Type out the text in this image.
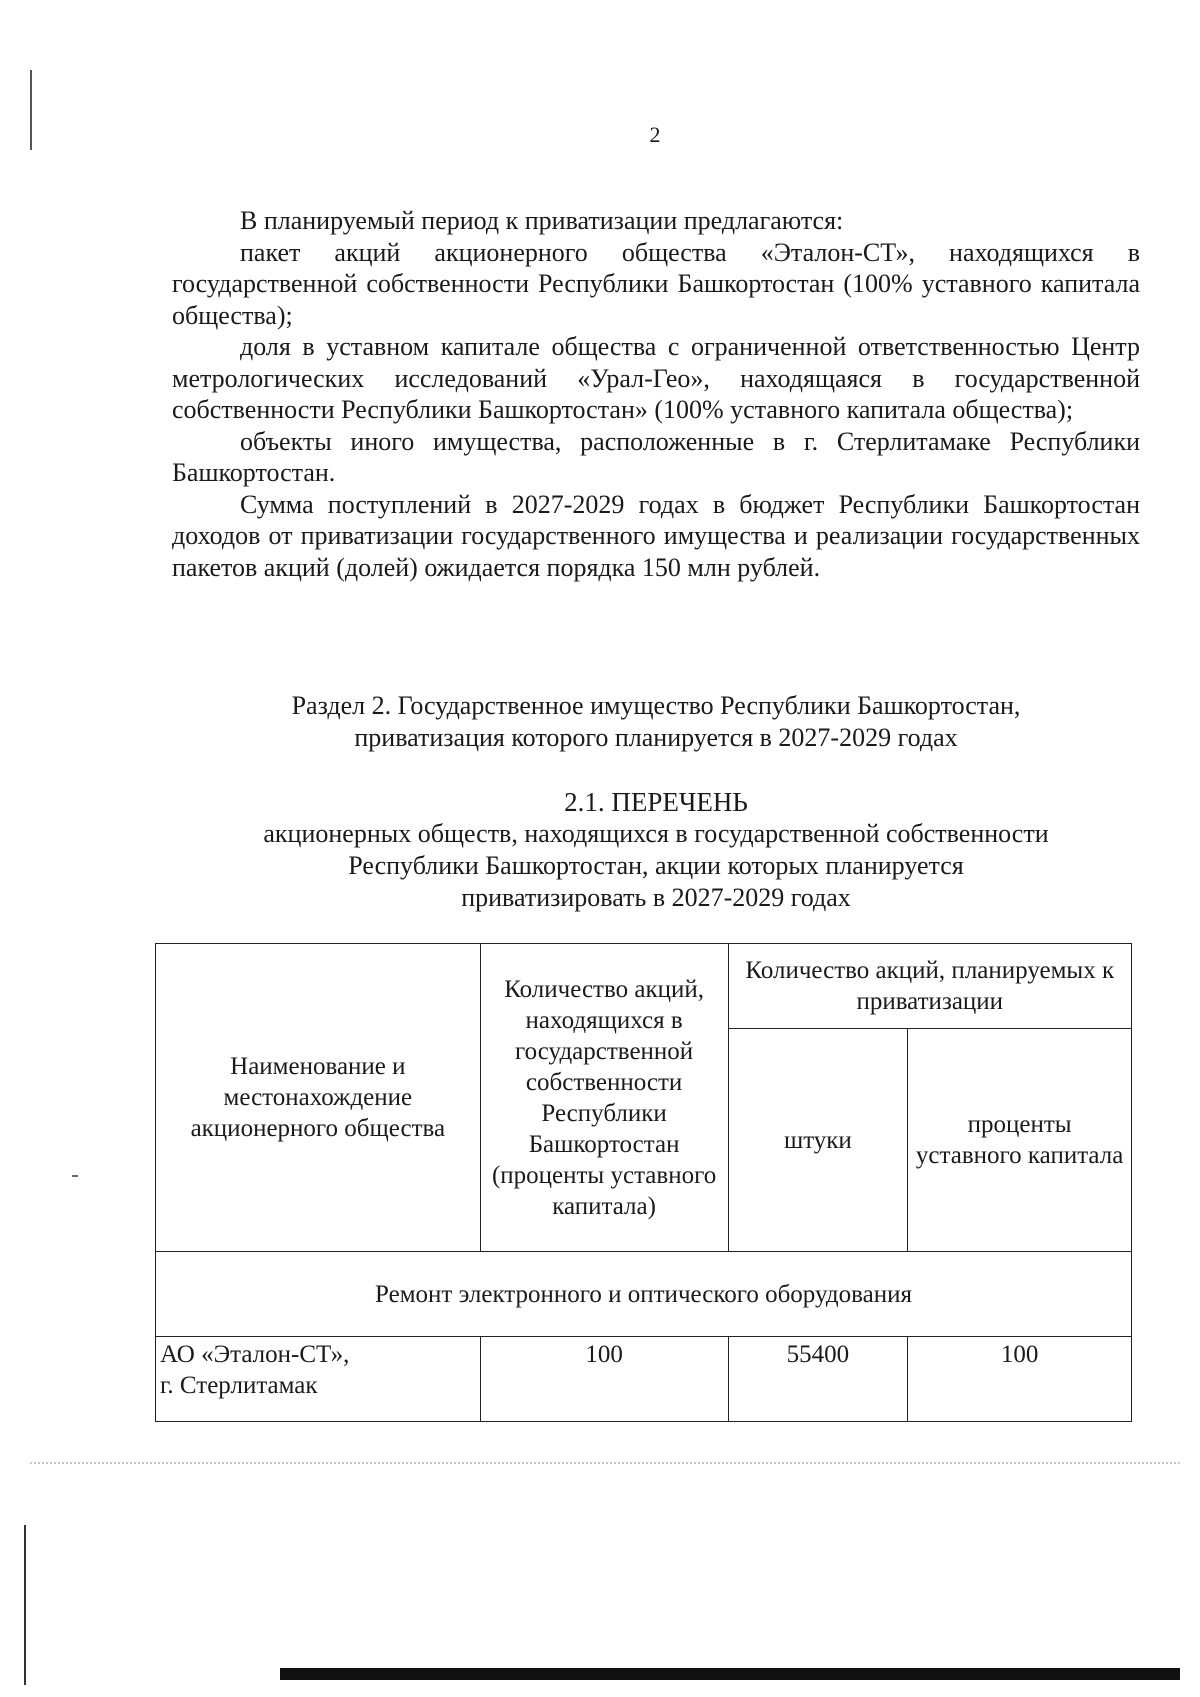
2

В планируемый период к приватизации предлагаются:

пакет акций акционерного общества «Эталон-СТ», находящихся в государственной собственности Республики Башкортостан (100% уставного капитала общества);

доля в уставном капитале общества с ограниченной ответственностью Центр метрологических исследований «Урал-Гео», находящаяся в государственной собственности Республики Башкортостан» (100% уставного капитала общества);

объекты иного имущества, расположенные в г. Стерлитамаке Республики Башкортостан.

Сумма поступлений в 2027-2029 годах в бюджет Республики Башкортостан доходов от приватизации государственного имущества и реализации государственных пакетов акций (долей) ожидается порядка 150 млн рублей.

Раздел 2. Государственное имущество Республики Башкортостан,
приватизация которого планируется в 2027-2029 годах
2.1. ПЕРЕЧЕНЬ
акционерных обществ, находящихся в государственной собственности
Республики Башкортостан, акции которых планируется
приватизировать в 2027-2029 годах
Наименование и местонахождение акционерного общества	Количество акций, находящихся в государственной собственности Республики Башкортостан (проценты уставного капитала)	Количество акций, планируемых к приватизации	
		штуки	проценты уставного капитала
Ремонт электронного и оптического оборудования			

АО «Эталон-СТ»,
г. Стерлитамак	100	55400	100
